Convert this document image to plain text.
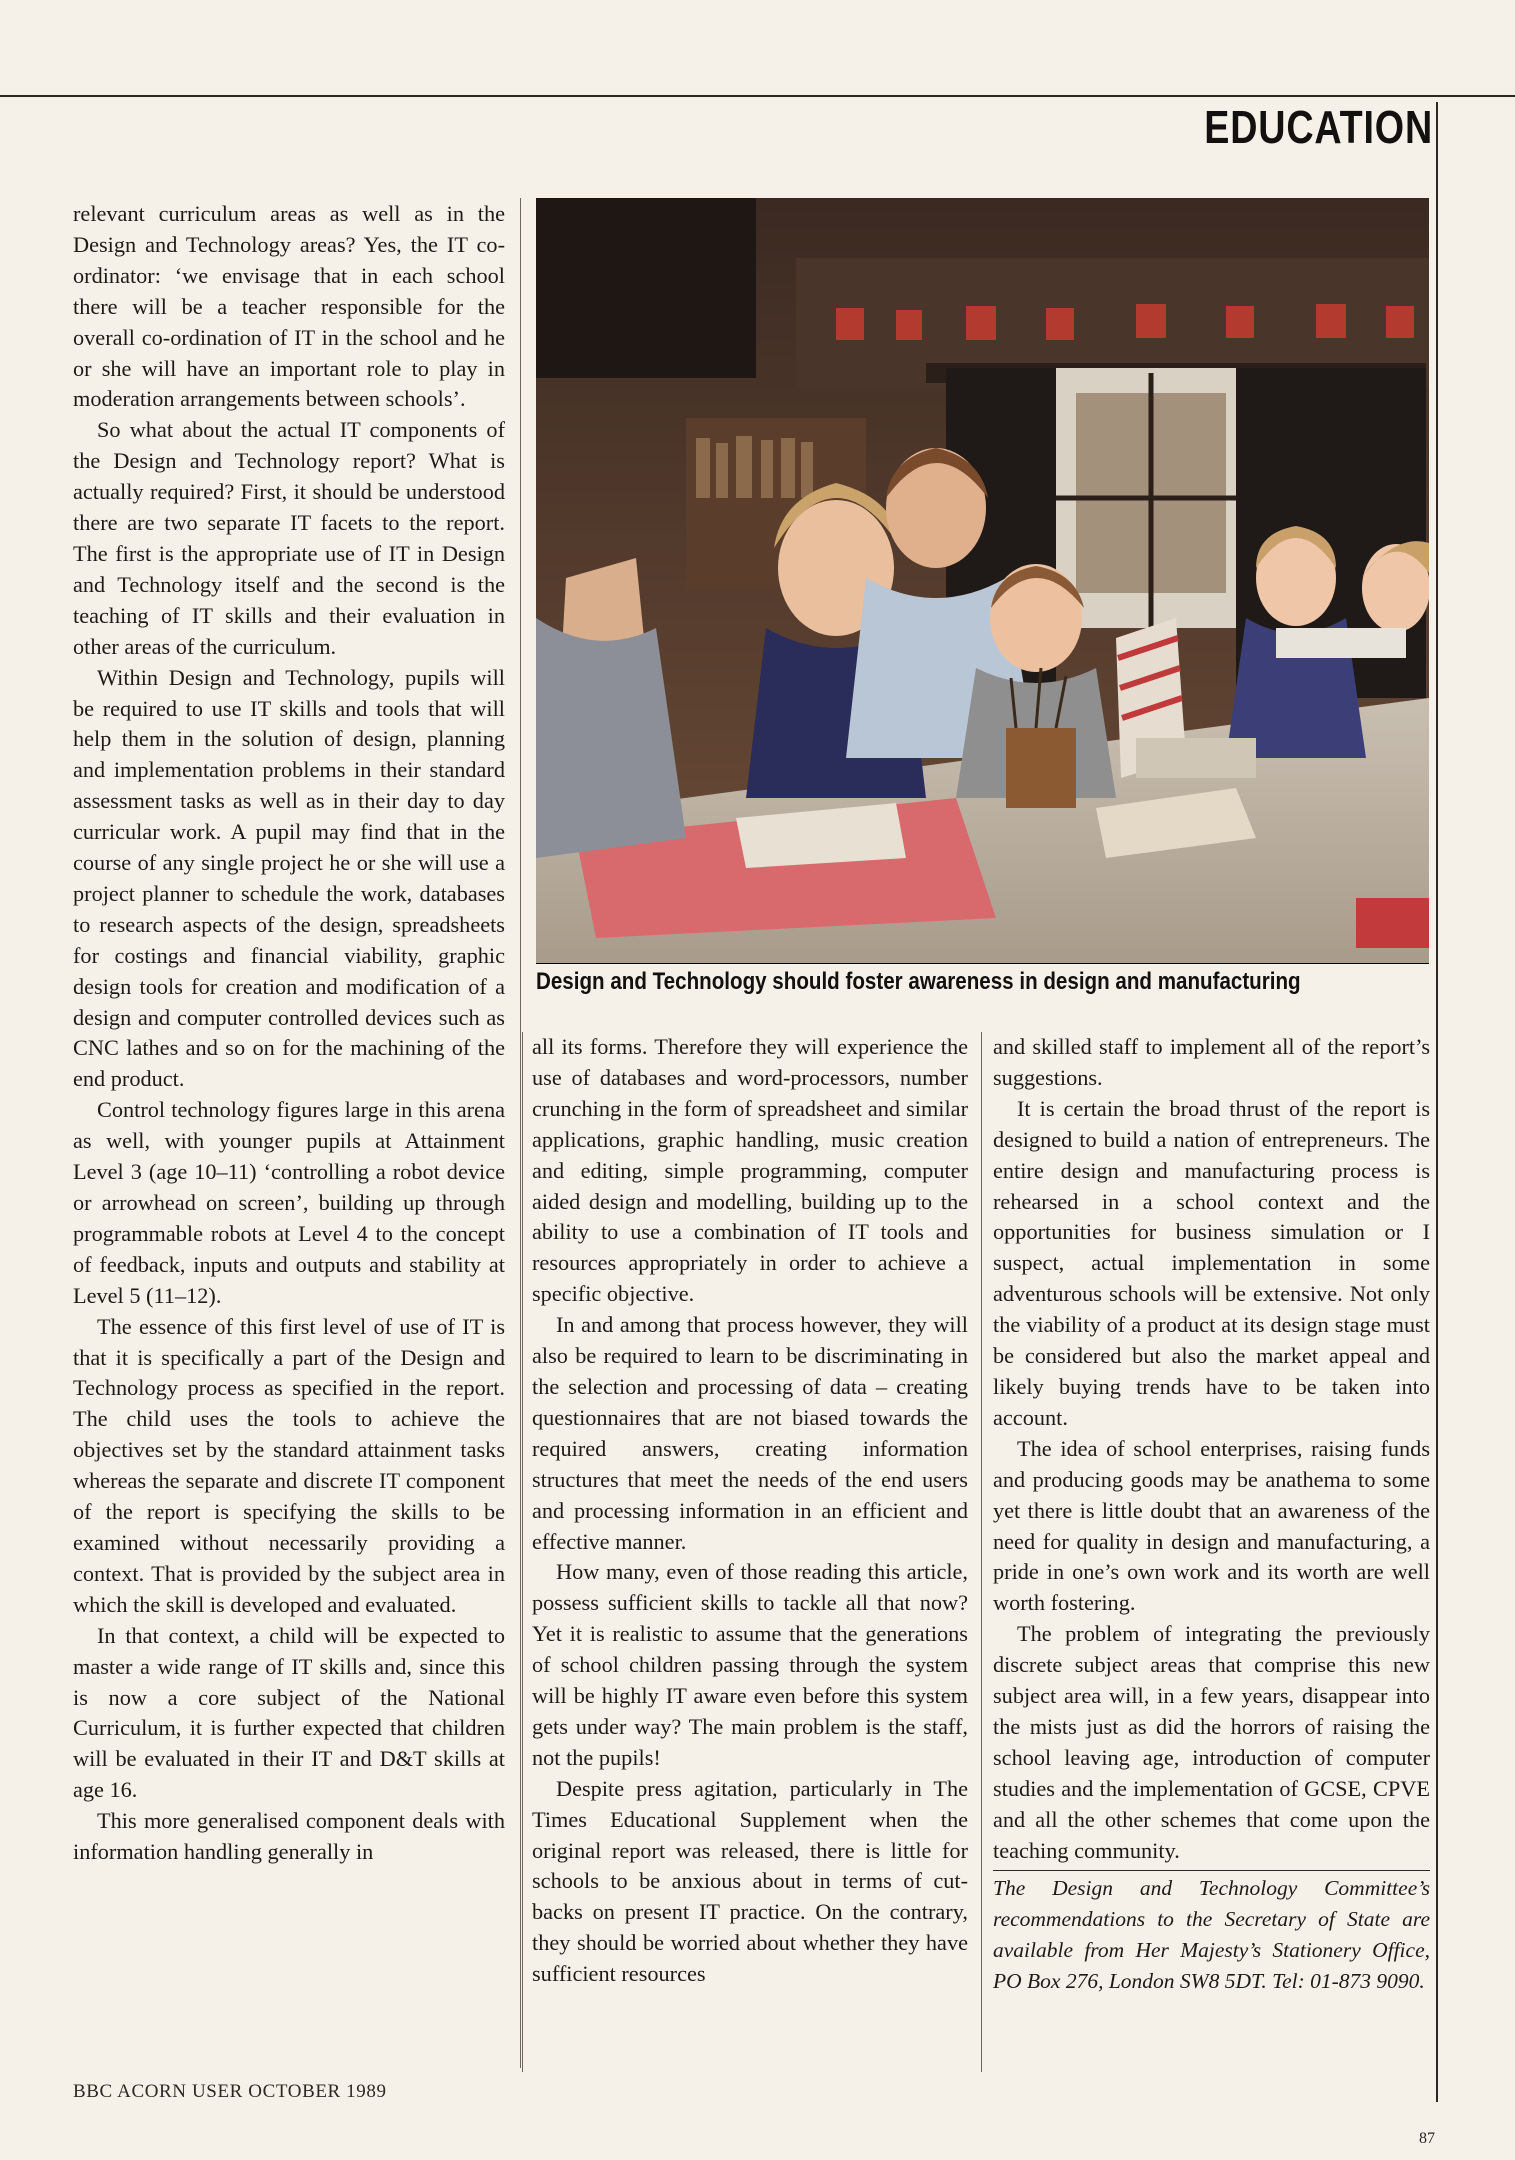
EDUCATION

relevant curriculum areas as well as in the Design and Technology areas? Yes, the IT co-ordinator: ‘we envisage that in each school there will be a teacher responsible for the overall co-ordination of IT in the school and he or she will have an important role to play in moderation arrangements between schools’.

So what about the actual IT components of the Design and Technology report? What is actually required? First, it should be understood there are two separate IT facets to the report. The first is the appropriate use of IT in Design and Technology itself and the second is the teaching of IT skills and their evaluation in other areas of the curriculum.

Within Design and Technology, pupils will be required to use IT skills and tools that will help them in the solution of design, planning and implementation problems in their standard assessment tasks as well as in their day to day curricular work. A pupil may find that in the course of any single project he or she will use a project planner to schedule the work, databases to research aspects of the design, spreadsheets for costings and financial viability, graphic design tools for creation and modification of a design and computer controlled devices such as CNC lathes and so on for the machining of the end product.

Control technology figures large in this arena as well, with younger pupils at Attainment Level 3 (age 10–11) ‘controlling a robot device or arrowhead on screen’, building up through programmable robots at Level 4 to the concept of feedback, inputs and outputs and stability at Level 5 (11–12).

The essence of this first level of use of IT is that it is specifically a part of the Design and Technology process as specified in the report. The child uses the tools to achieve the objectives set by the standard attainment tasks whereas the separate and discrete IT component of the report is specifying the skills to be examined without necessarily providing a context. That is provided by the subject area in which the skill is developed and evaluated.

In that context, a child will be expected to master a wide range of IT skills and, since this is now a core subject of the National Curriculum, it is further expected that children will be evaluated in their IT and D&T skills at age 16.

This more generalised component deals with information handling generally in

Design and Technology should foster awareness in design and manufacturing

all its forms. Therefore they will experience the use of databases and word-processors, number crunching in the form of spreadsheet and similar applications, graphic handling, music creation and editing, simple programming, computer aided design and modelling, building up to the ability to use a combination of IT tools and resources appropriately in order to achieve a specific objective.

In and among that process however, they will also be required to learn to be discriminating in the selection and processing of data – creating questionnaires that are not biased towards the required answers, creating information structures that meet the needs of the end users and processing information in an efficient and effective manner.

How many, even of those reading this article, possess sufficient skills to tackle all that now? Yet it is realistic to assume that the generations of school children passing through the system will be highly IT aware even before this system gets under way? The main problem is the staff, not the pupils!

Despite press agitation, particularly in The Times Educational Supplement when the original report was released, there is little for schools to be anxious about in terms of cut-backs on present IT practice. On the contrary, they should be worried about whether they have sufficient resources

and skilled staff to implement all of the report’s suggestions.

It is certain the broad thrust of the report is designed to build a nation of entrepreneurs. The entire design and manufacturing process is rehearsed in a school context and the opportunities for business simulation or I suspect, actual implementation in some adventurous schools will be extensive. Not only the viability of a product at its design stage must be considered but also the market appeal and likely buying trends have to be taken into account.

The idea of school enterprises, raising funds and producing goods may be anathema to some yet there is little doubt that an awareness of the need for quality in design and manufacturing, a pride in one’s own work and its worth are well worth fostering.

The problem of integrating the previously discrete subject areas that comprise this new subject area will, in a few years, disappear into the mists just as did the horrors of raising the school leaving age, introduction of computer studies and the implementation of GCSE, CPVE and all the other schemes that come upon the teaching community.

The Design and Technology Committee’s recommendations to the Secretary of State are available from Her Majesty’s Stationery Office, PO Box 276, London SW8 5DT. Tel: 01-873 9090.
BBC ACORN USER OCTOBER 1989
87
